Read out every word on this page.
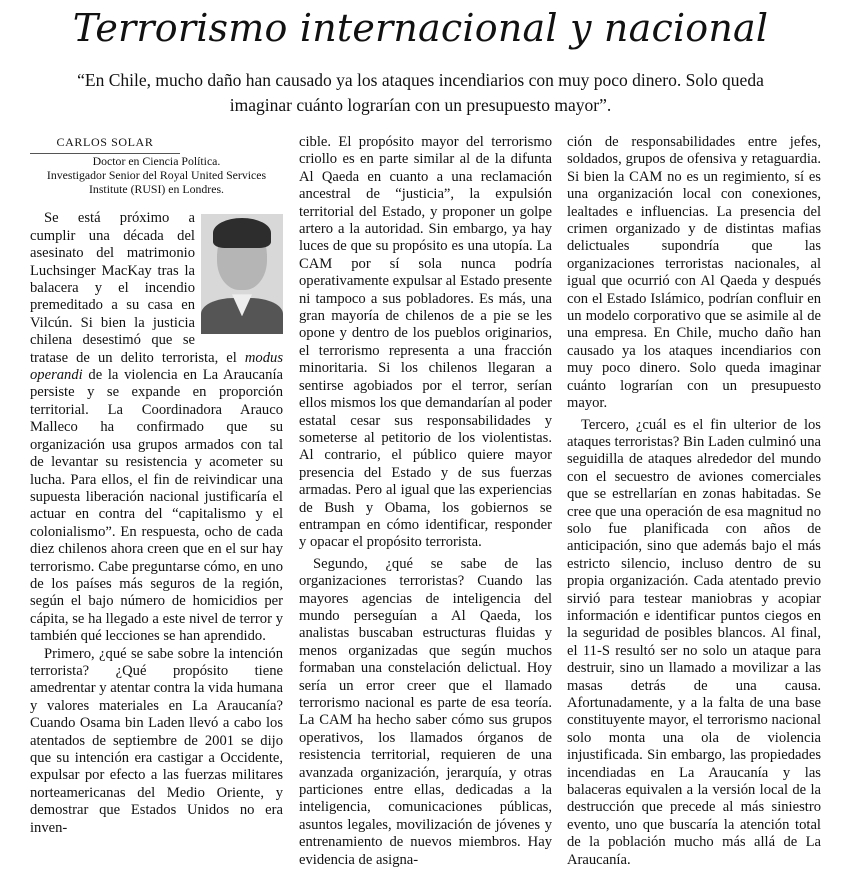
Terrorismo internacional y nacional

“En Chile, mucho daño han causado ya los ataques incendiarios con muy poco dinero. Solo queda imaginar cuánto lograrían con un presupuesto mayor”.

CARLOS SOLAR

Doctor en Ciencia Política.
Investigador Senior del Royal United Services Institute (RUSI) en Londres.

Se está próximo a cumplir una década del asesinato del matrimonio Luchsinger MacKay tras la balacera y el incendio premeditado a su casa en Vilcún. Si bien la justicia chilena desestimó que se tratase de un delito terrorista, el modus operandi de la violencia en La Araucanía persiste y se expande en proporción territorial. La Coordinadora Arauco Malleco ha confirmado que su organización usa grupos armados con tal de levantar su resistencia y acometer su lucha. Para ellos, el fin de reivindicar una supuesta liberación nacional justificaría el actuar en contra del “capitalismo y el colonialismo”. En respuesta, ocho de cada diez chilenos ahora creen que en el sur hay terrorismo. Cabe preguntarse cómo, en uno de los países más seguros de la región, según el bajo número de homicidios per cápita, se ha llegado a este nivel de terror y también qué lecciones se han aprendido.

Primero, ¿qué se sabe sobre la intención terrorista? ¿Qué propósito tiene amedrentar y atentar contra la vida humana y valores materiales en La Araucanía? Cuando Osama bin Laden llevó a cabo los atentados de septiembre de 2001 se dijo que su intención era castigar a Occidente, expulsar por efecto a las fuerzas militares norteamericanas del Medio Oriente, y demostrar que Estados Unidos no era inven-

cible. El propósito mayor del terrorismo criollo es en parte similar al de la difunta Al Qaeda en cuanto a una reclamación ancestral de “justicia”, la expulsión territorial del Estado, y proponer un golpe artero a la autoridad. Sin embargo, ya hay luces de que su propósito es una utopía. La CAM por sí sola nunca podría operativamente expulsar al Estado presente ni tampoco a sus pobladores. Es más, una gran mayoría de chilenos de a pie se les opone y dentro de los pueblos originarios, el terrorismo representa a una fracción minoritaria. Si los chilenos llegaran a sentirse agobiados por el terror, serían ellos mismos los que demandarían al poder estatal cesar sus responsabilidades y someterse al petitorio de los violentistas. Al contrario, el público quiere mayor presencia del Estado y de sus fuerzas armadas. Pero al igual que las experiencias de Bush y Obama, los gobiernos se entrampan en cómo identificar, responder y opacar el propósito terrorista.

Segundo, ¿qué se sabe de las organizaciones terroristas? Cuando las mayores agencias de inteligencia del mundo perseguían a Al Qaeda, los analistas buscaban estructuras fluidas y menos organizadas que según muchos formaban una constelación delictual. Hoy sería un error creer que el llamado terrorismo nacional es parte de esa teoría. La CAM ha hecho saber cómo sus grupos operativos, los llamados órganos de resistencia territorial, requieren de una avanzada organización, jerarquía, y otras particiones entre ellas, dedicadas a la inteligencia, comunicaciones públicas, asuntos legales, movilización de jóvenes y entrenamiento de nuevos miembros. Hay evidencia de asigna-

ción de responsabilidades entre jefes, soldados, grupos de ofensiva y retaguardia. Si bien la CAM no es un regimiento, sí es una organización local con conexiones, lealtades e influencias. La presencia del crimen organizado y de distintas mafias delictuales supondría que las organizaciones terroristas nacionales, al igual que ocurrió con Al Qaeda y después con el Estado Islámico, podrían confluir en un modelo corporativo que se asimile al de una empresa. En Chile, mucho daño han causado ya los ataques incendiarios con muy poco dinero. Solo queda imaginar cuánto lograrían con un presupuesto mayor.

Tercero, ¿cuál es el fin ulterior de los ataques terroristas? Bin Laden culminó una seguidilla de ataques alrededor del mundo con el secuestro de aviones comerciales que se estrellarían en zonas habitadas. Se cree que una operación de esa magnitud no solo fue planificada con años de anticipación, sino que además bajo el más estricto silencio, incluso dentro de su propia organización. Cada atentado previo sirvió para testear maniobras y acopiar información e identificar puntos ciegos en la seguridad de posibles blancos. Al final, el 11-S resultó ser no solo un ataque para destruir, sino un llamado a movilizar a las masas detrás de una causa. Afortunadamente, y a la falta de una base constituyente mayor, el terrorismo nacional solo monta una ola de violencia injustificada. Sin embargo, las propiedades incendiadas en La Araucanía y las balaceras equivalen a la versión local de la destrucción que precede al más siniestro evento, uno que buscaría la atención total de la población mucho más allá de La Araucanía.
